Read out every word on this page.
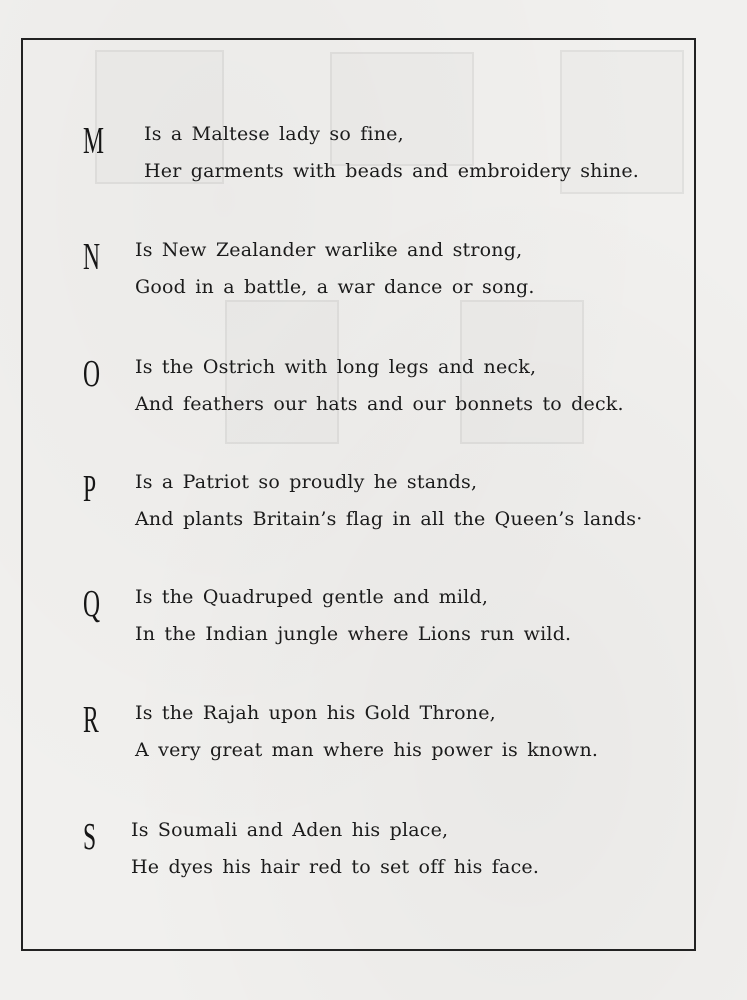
M Is a Maltese lady so fine,
Her garments with beads and embroidery shine.
N	Is New Zealander warlike and strong,
Good in a battle, a war dance or song.
O	Is the Ostrich with long legs and neck,
And feathers our hats and our bonnets to deck.
P	Is a Patriot so proudly he stands,
And plants Britain’s flag in all the Queen’s lands·
Q	Is the Quadruped gentle and mild,
In the Indian jungle where Lions run wild.
R	Is the Rajah upon his Gold Throne,
A very great man where his power is known.
S	Is Soumali and Aden his place,
He dyes his hair red to set off his face.
